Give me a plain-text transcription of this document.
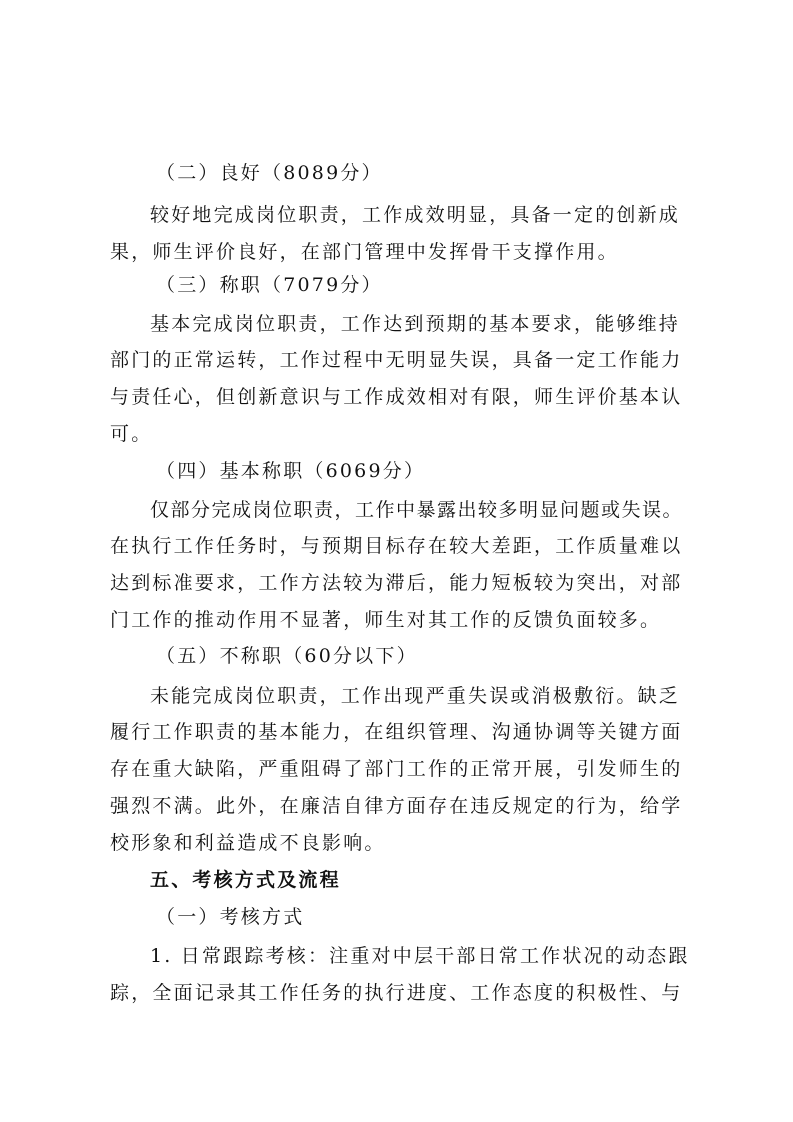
（二）良好（8089分）
较好地完成岗位职责，工作成效明显，具备一定的创新成
果，师生评价良好，在部门管理中发挥骨干支撑作用。
（三）称职（7079分）
基本完成岗位职责，工作达到预期的基本要求，能够维持
部门的正常运转，工作过程中无明显失误，具备一定工作能力
与责任心，但创新意识与工作成效相对有限，师生评价基本认
可。
（四）基本称职（6069分）
仅部分完成岗位职责，工作中暴露出较多明显问题或失误。
在执行工作任务时，与预期目标存在较大差距，工作质量难以
达到标准要求，工作方法较为滞后，能力短板较为突出，对部
门工作的推动作用不显著，师生对其工作的反馈负面较多。
（五）不称职（60分以下）
未能完成岗位职责，工作出现严重失误或消极敷衍。缺乏
履行工作职责的基本能力，在组织管理、沟通协调等关键方面
存在重大缺陷，严重阻碍了部门工作的正常开展，引发师生的
强烈不满。此外，在廉洁自律方面存在违反规定的行为，给学
校形象和利益造成不良影响。
五、考核方式及流程
（一）考核方式
1. 日常跟踪考核：注重对中层干部日常工作状况的动态跟
踪，全面记录其工作任务的执行进度、工作态度的积极性、与
